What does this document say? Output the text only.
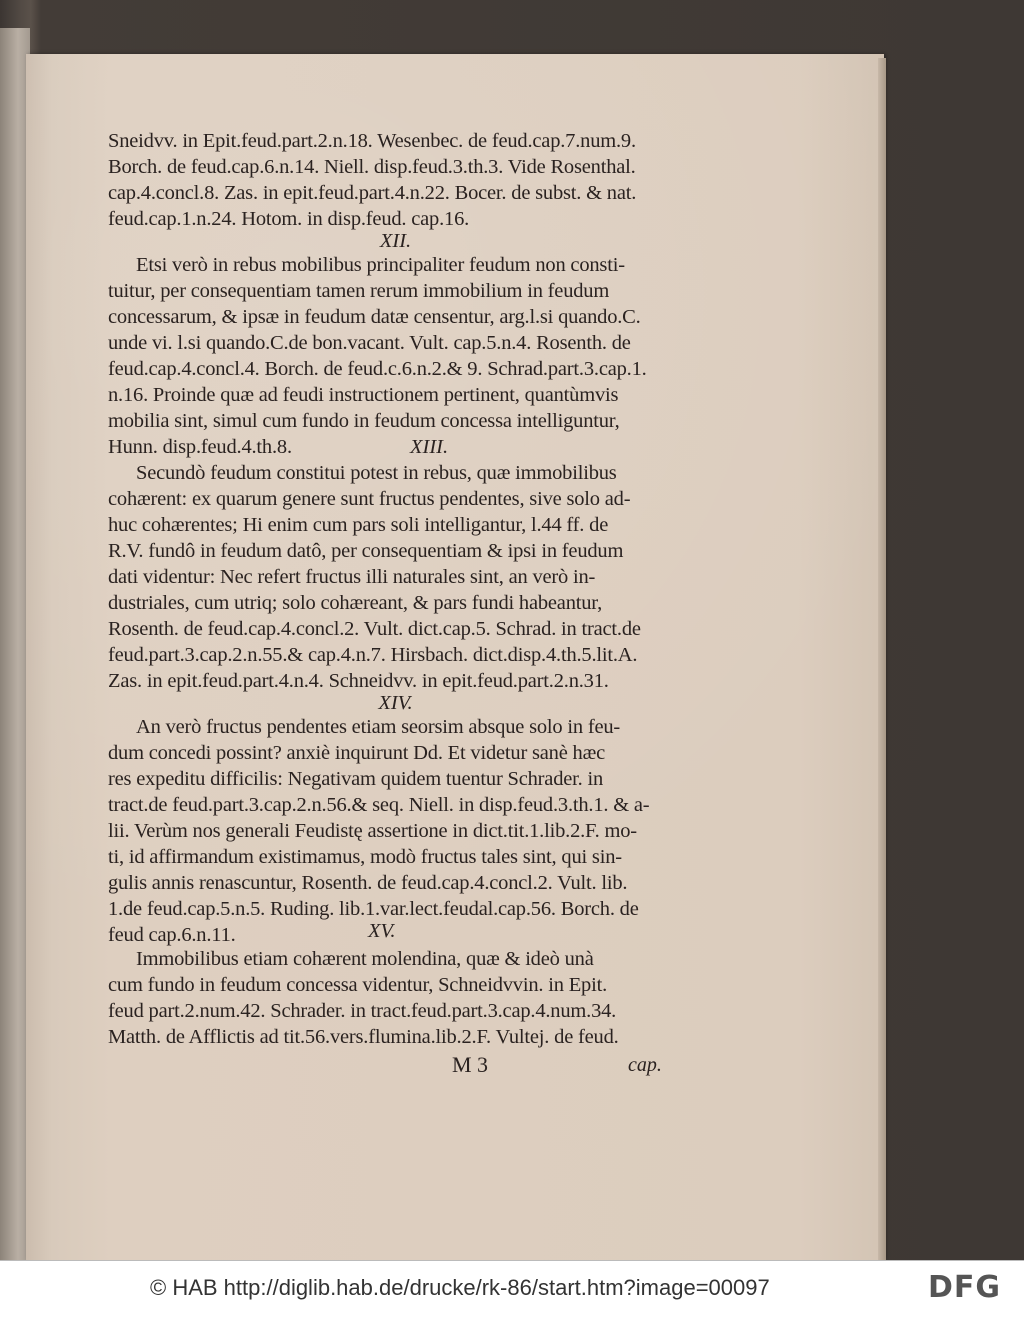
Sneidvv. in Epit.feud.part.2.n.18. Wesenbec. de feud.cap.7.num.9.

Borch. de feud.cap.6.n.14. Niell. disp.feud.3.th.3. Vide Rosenthal.

cap.4.concl.8. Zas. in epit.feud.part.4.n.22. Bocer. de subst. & nat.

feud.cap.1.n.24. Hotom. in disp.feud. cap.16.

XII.

Etsi verò in rebus mobilibus principaliter feudum non consti-

tuitur, per consequentiam tamen rerum immobilium in feudum

concessarum, & ipsæ in feudum datæ censentur, arg.l.si quando.C.

unde vi. l.si quando.C.de bon.vacant. Vult. cap.5.n.4. Rosenth. de

feud.cap.4.concl.4. Borch. de feud.c.6.n.2.& 9. Schrad.part.3.cap.1.

n.16. Proinde quæ ad feudi instructionem pertinent, quantùmvis

mobilia sint, simul cum fundo in feudum concessa intelliguntur,

Hunn. disp.feud.4.th.8.	XIII.

Secundò feudum constitui potest in rebus, quæ immobilibus

cohærent: ex quarum genere sunt fructus pendentes, sive solo ad-

huc cohærentes; Hi enim cum pars soli intelligantur, l.44 ff. de

R.V. fundô in feudum datô, per consequentiam & ipsi in feudum

dati videntur: Nec refert fructus illi naturales sint, an verò in-

dustriales, cum utriq; solo cohæreant, & pars fundi habeantur,

Rosenth. de feud.cap.4.concl.2. Vult. dict.cap.5. Schrad. in tract.de

feud.part.3.cap.2.n.55.& cap.4.n.7. Hirsbach. dict.disp.4.th.5.lit.A.

Zas. in epit.feud.part.4.n.4. Schneidvv. in epit.feud.part.2.n.31.

XIV.

An verò fructus pendentes etiam seorsim absque solo in feu-

dum concedi possint? anxiè inquirunt Dd. Et videtur sanè hæc

res expeditu difficilis: Negativam quidem tuentur Schrader. in

tract.de feud.part.3.cap.2.n.56.& seq. Niell. in disp.feud.3.th.1. & a-

lii. Verùm nos generali Feudistę assertione in dict.tit.1.lib.2.F. mo-

ti, id affirmandum existimamus, modò fructus tales sint, qui sin-

gulis annis renascuntur, Rosenth. de feud.cap.4.concl.2. Vult. lib.

1.de feud.cap.5.n.5. Ruding. lib.1.var.lect.feudal.cap.56. Borch. de

feud cap.6.n.11.	XV.

Immobilibus etiam cohærent molendina, quæ & ideò unà

cum fundo in feudum concessa videntur, Schneidvvin. in Epit.

feud part.2.num.42. Schrader. in tract.feud.part.3.cap.4.num.34.

Matth. de Afflictis ad tit.56.vers.flumina.lib.2.F. Vultej. de feud.

M 3	cap.
© HAB http://diglib.hab.de/drucke/rk-86/start.htm?image=00097	DFG
